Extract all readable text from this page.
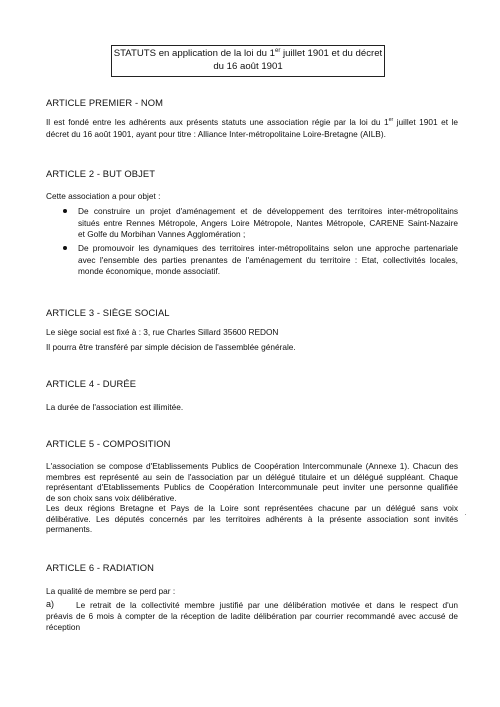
STATUTS en application de la loi du 1er juillet 1901 et du décret
du 16 août 1901
ARTICLE PREMIER - NOM
Il est fondé entre les adhérents aux présents statuts une association régie par la loi du 1er juillet 1901 et le
décret du 16 août 1901, ayant pour titre : Alliance Inter-métropolitaine Loire-Bretagne (AILB).
ARTICLE 2 - BUT OBJET
Cette association a pour objet :
De construire un projet d'aménagement et de développement des territoires inter-métropolitains
situés entre Rennes Métropole, Angers Loire Métropole, Nantes Métropole, CARENE Saint-Nazaire
et Golfe du Morbihan Vannes Agglomération ;
De promouvoir les dynamiques des territoires inter-métropolitains selon une approche partenariale
avec l'ensemble des parties prenantes de l'aménagement du territoire : Etat, collectivités locales,
monde économique, monde associatif.
ARTICLE 3 - SIÈGE SOCIAL
Le siège social est fixé à : 3, rue Charles Sillard 35600 REDON
Il pourra être transféré par simple décision de l'assemblée générale.
ARTICLE 4 - DURÉE
La durée de l'association est illimitée.
ARTICLE 5 - COMPOSITION
L'association se compose d'Etablissements Publics de Coopération Intercommunale (Annexe 1). Chacun des
membres est représenté au sein de l'association par un délégué titulaire et un délégué suppléant. Chaque
représentant d'Etablissements Publics de Coopération Intercommunale peut inviter une personne qualifiée
de son choix sans voix délibérative.
Les deux régions Bretagne et Pays de la Loire sont représentées chacune par un délégué sans voix
délibérative. Les députés concernés par les territoires adhérents à la présente association sont invités
permanents.
ARTICLE 6 - RADIATION
La qualité de membre se perd par :
a)	Le retrait de la collectivité membre justifié par une délibération motivée et dans le respect d'un
préavis de 6 mois à compter de la réception de ladite délibération par courrier recommandé avec accusé de
réception
